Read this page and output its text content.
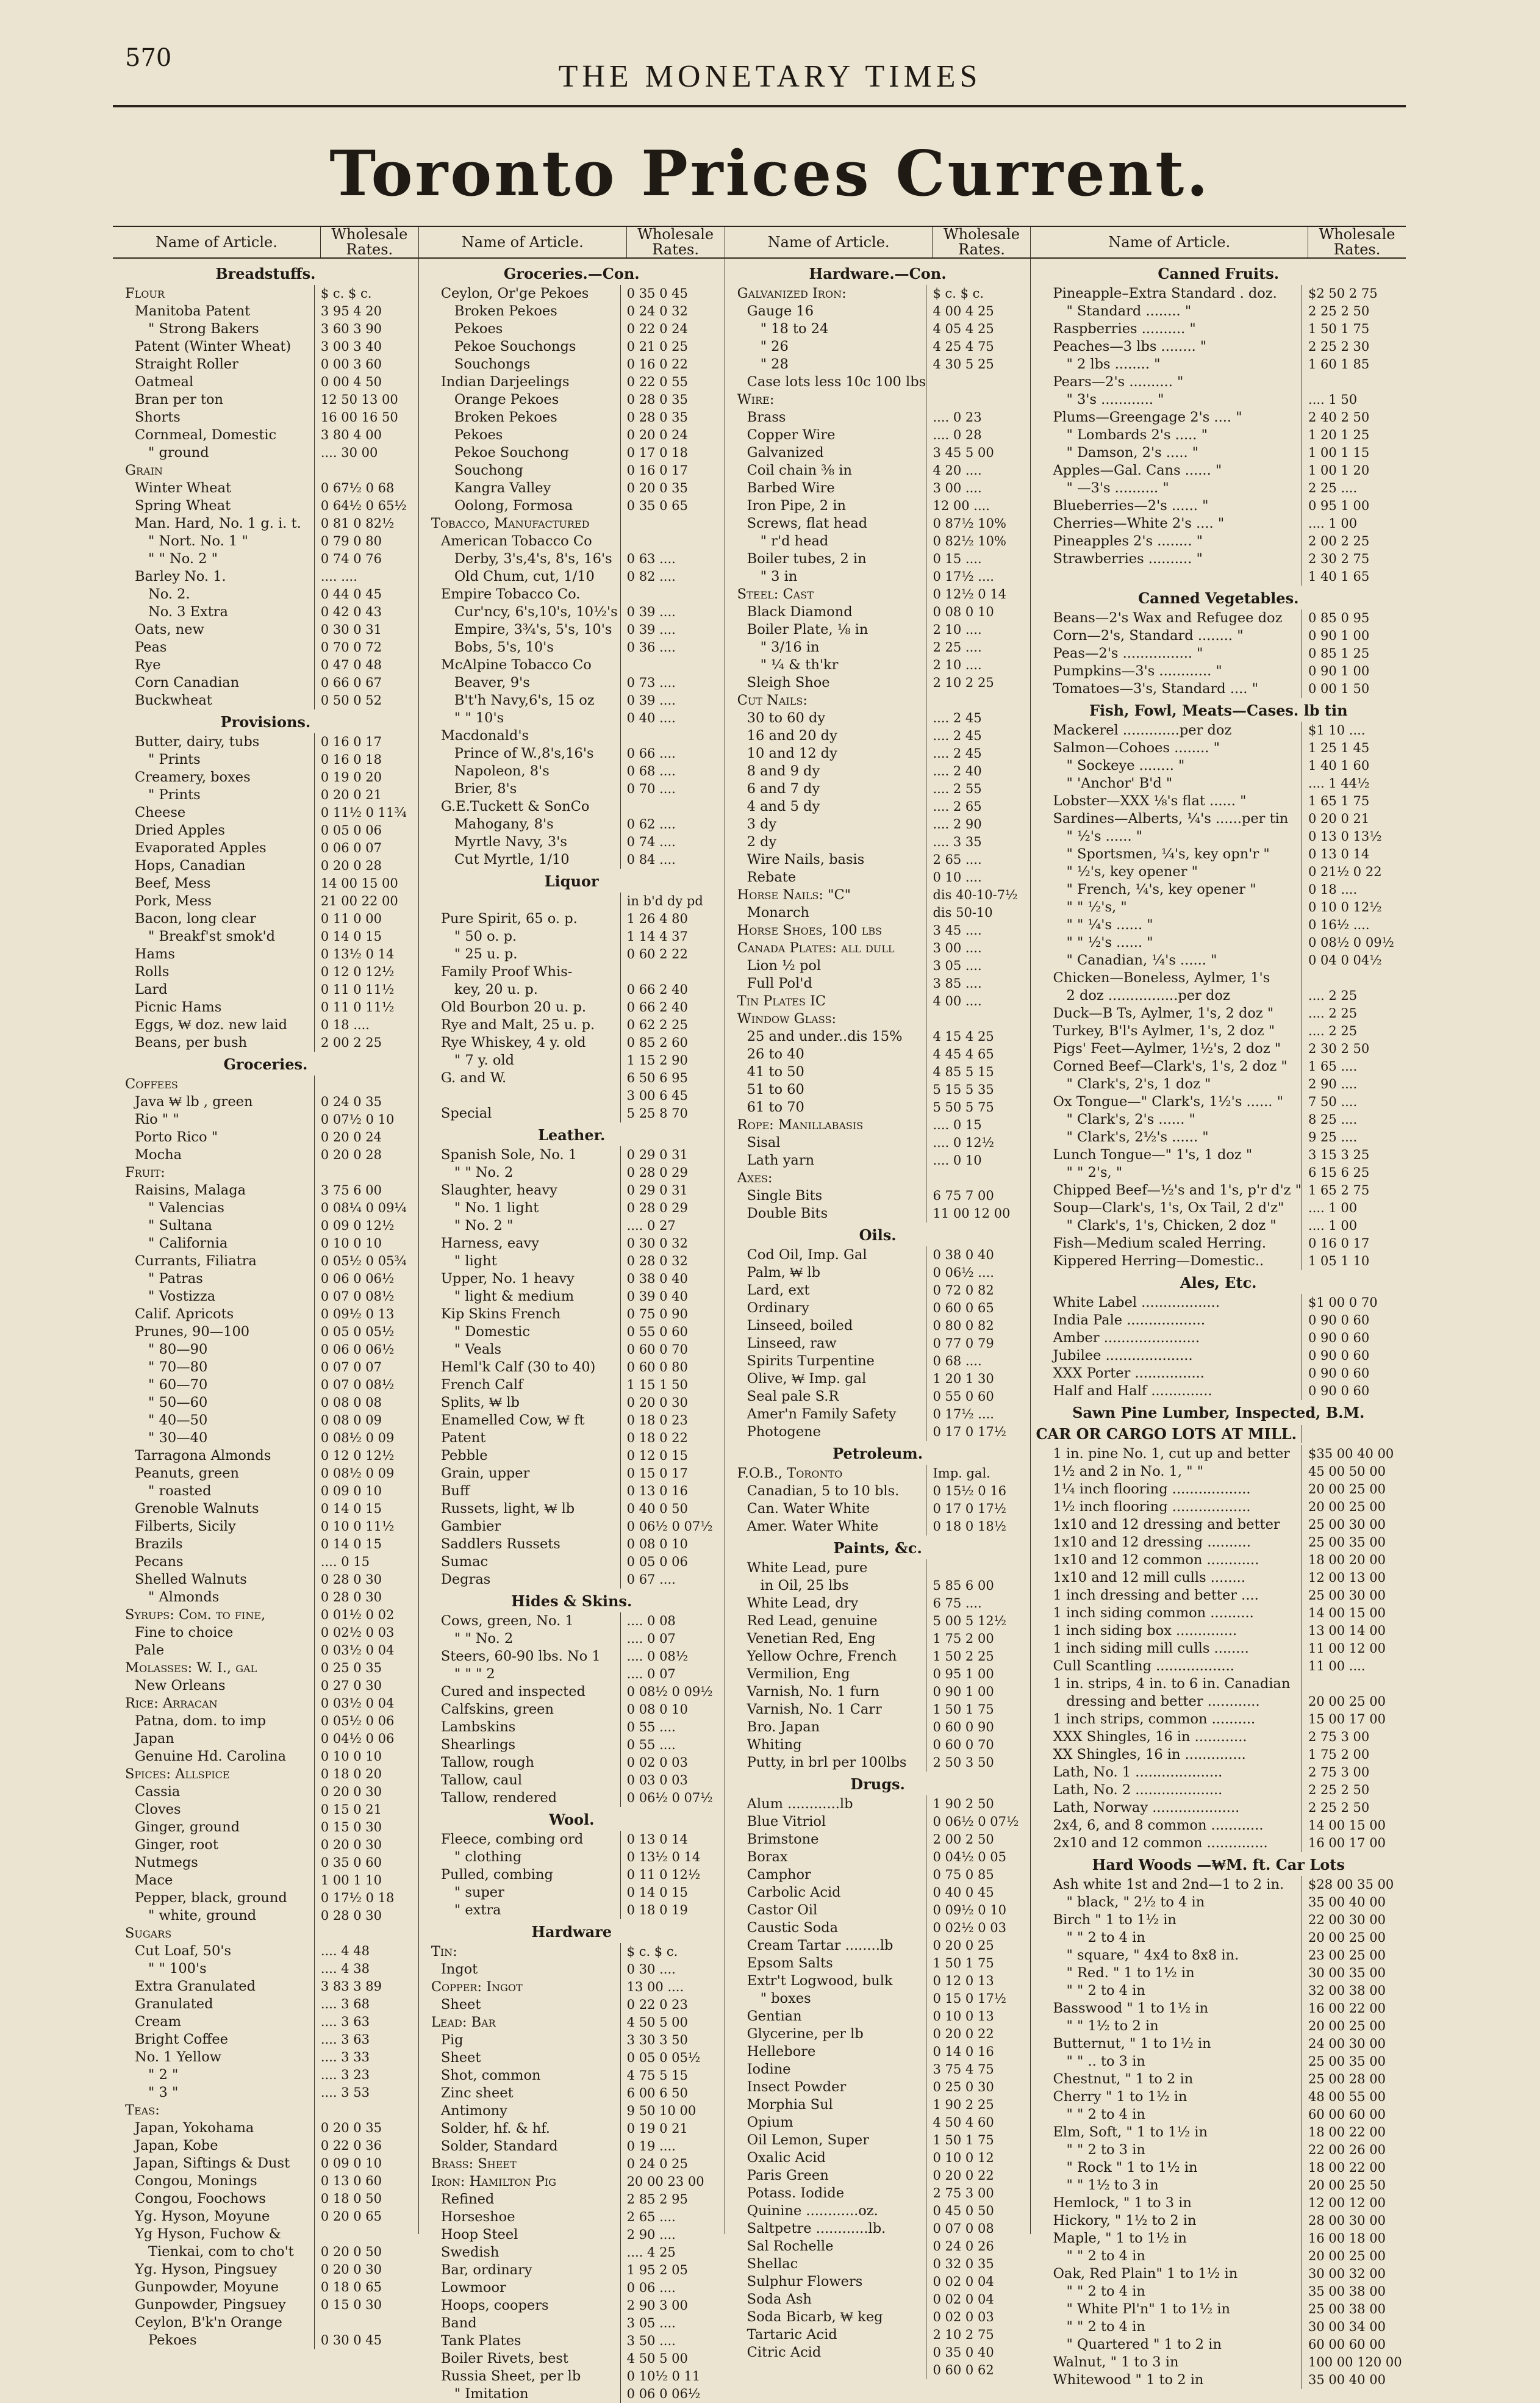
570
THE MONETARY TIMES
Toronto Prices Current.
Name of Article.	Wholesale Rates.
Breadstuffs.
Flour	$ c. $ c.
Manitoba Patent	3 95 4 20
" Strong Bakers	3 60 3 90
Patent (Winter Wheat)	3 00 3 40
Straight Roller	0 00 3 60
Oatmeal	0 00 4 50
Bran per ton	12 50 13 00
Shorts	16 00 16 50
Cornmeal, Domestic	3 80 4 00
" ground	.... 30 00
Grain
Winter Wheat	0 67½ 0 68
Spring Wheat	0 64½ 0 65½
Man. Hard, No. 1 g. i. t.	0 81 0 82½
" Nort. No. 1 "	0 79 0 80
" " No. 2 "	0 74 0 76
Barley No. 1.	.... ....
No. 2.	0 44 0 45
No. 3 Extra	0 42 0 43
Oats, new	0 30 0 31
Peas	0 70 0 72
Rye	0 47 0 48
Corn Canadian	0 66 0 67
Buckwheat	0 50 0 52
Provisions.
Butter, dairy, tubs	0 16 0 17
" Prints	0 16 0 18
Creamery, boxes	0 19 0 20
" Prints	0 20 0 21
Cheese	0 11½ 0 11¾
Dried Apples	0 05 0 06
Evaporated Apples	0 06 0 07
Hops, Canadian	0 20 0 28
Beef, Mess	14 00 15 00
Pork, Mess	21 00 22 00
Bacon, long clear	0 11 0 00
" Breakf'st smok'd	0 14 0 15
Hams	0 13½ 0 14
Rolls	0 12 0 12½
Lard	0 11 0 11½
Picnic Hams	0 11 0 11½
Eggs, ₩ doz. new laid	0 18 ....
Beans, per bush	2 00 2 25
Groceries.
Coffees
Java ₩ lb , green	0 24 0 35
Rio " "	0 07½ 0 10
Porto Rico "	0 20 0 24
Mocha	0 20 0 28
Fruit:
Raisins, Malaga	3 75 6 00
" Valencias	0 08¼ 0 09¼
" Sultana	0 09 0 12½
" California	0 10 0 10
Currants, Filiatra	0 05½ 0 05¾
" Patras	0 06 0 06½
" Vostizza	0 07 0 08½
Calif. Apricots	0 09½ 0 13
Prunes, 90—100	0 05 0 05½
" 80—90	0 06 0 06½
" 70—80	0 07 0 07
" 60—70	0 07 0 08½
" 50—60	0 08 0 08
" 40—50	0 08 0 09
" 30—40	0 08½ 0 09
Tarragona Almonds	0 12 0 12½
Peanuts, green	0 08½ 0 09
" roasted	0 09 0 10
Grenoble Walnuts	0 14 0 15
Filberts, Sicily	0 10 0 11½
Brazils	0 14 0 15
Pecans	.... 0 15
Shelled Walnuts	0 28 0 30
" Almonds	0 28 0 30
Syrups: Com. to fine,	0 01½ 0 02
Fine to choice	0 02½ 0 03
Pale	0 03½ 0 04
Molasses: W. I., gal	0 25 0 35
New Orleans	0 27 0 30
Rice: Arracan	0 03½ 0 04
Patna, dom. to imp	0 05½ 0 06
Japan	0 04½ 0 06
Genuine Hd. Carolina	0 10 0 10
Spices: Allspice	0 18 0 20
Cassia	0 20 0 30
Cloves	0 15 0 21
Ginger, ground	0 15 0 30
Ginger, root	0 20 0 30
Nutmegs	0 35 0 60
Mace	1 00 1 10
Pepper, black, ground	0 17½ 0 18
" white, ground	0 28 0 30
Sugars
Cut Loaf, 50's	.... 4 48
" " 100's	.... 4 38
Extra Granulated	3 83 3 89
Granulated	.... 3 68
Cream	.... 3 63
Bright Coffee	.... 3 63
No. 1 Yellow	.... 3 33
" 2 "	.... 3 23
" 3 "	.... 3 53
Teas:
Japan, Yokohama	0 20 0 35
Japan, Kobe	0 22 0 36
Japan, Siftings & Dust	0 09 0 10
Congou, Monings	0 13 0 60
Congou, Foochows	0 18 0 50
Yg. Hyson, Moyune	0 20 0 65
Yg Hyson, Fuchow &
Tienkai, com to cho't	0 20 0 50
Yg. Hyson, Pingsuey	0 20 0 30
Gunpowder, Moyune	0 18 0 65
Gunpowder, Pingsuey	0 15 0 30
Ceylon, B'k'n Orange
Pekoes	0 30 0 45
Name of Article.	Wholesale Rates.
Groceries.—Con.
Ceylon, Or'ge Pekoes	0 35 0 45
Broken Pekoes	0 24 0 32
Pekoes	0 22 0 24
Pekoe Souchongs	0 21 0 25
Souchongs	0 16 0 22
Indian Darjeelings	0 22 0 55
Orange Pekoes	0 28 0 35
Broken Pekoes	0 28 0 35
Pekoes	0 20 0 24
Pekoe Souchong	0 17 0 18
Souchong	0 16 0 17
Kangra Valley	0 20 0 35
Oolong, Formosa	0 35 0 65
Tobacco, Manufactured
American Tobacco Co
Derby, 3's,4's, 8's, 16's	0 63 ....
Old Chum, cut, 1/10	0 82 ....
Empire Tobacco Co.
Cur'ncy, 6's,10's, 10½'s 0 39 ....
Empire, 3¾'s, 5's, 10's	0 39 ....
Bobs, 5's, 10's	0 36 ....
McAlpine Tobacco Co
Beaver, 9's	0 73 ....
B't'h Navy,6's, 15 oz	0 39 ....
" " 10's	0 40 ....
Macdonald's
Prince of W.,8's,16's	0 66 ....
Napoleon, 8's	0 68 ....
Brier, 8's	0 70 ....
G.E.Tuckett & SonCo
Mahogany, 8's	0 62 ....
Myrtle Navy, 3's	0 74 ....
Cut Myrtle, 1/10	0 84 ....
Liquor
in b'd dy pd
Pure Spirit, 65 o. p.	1 26 4 80
" 50 o. p.	1 14 4 37
" 25 u. p.	0 60 2 22
Family Proof Whis-
key, 20 u. p.	0 66 2 40
Old Bourbon 20 u. p.	0 66 2 40
Rye and Malt, 25 u. p.	0 62 2 25
Rye Whiskey, 4 y. old	0 85 2 60
" 7 y. old	1 15 2 90
G. and W.	6 50 6 95
3 00 6 45
Special	5 25 8 70
Leather.
Spanish Sole, No. 1	0 29 0 31
" " No. 2	0 28 0 29
Slaughter, heavy	0 29 0 31
" No. 1 light	0 28 0 29
" No. 2 "	.... 0 27
Harness, eavy	0 30 0 32
" light	0 28 0 32
Upper, No. 1 heavy	0 38 0 40
" light & medium	0 39 0 40
Kip Skins French	0 75 0 90
" Domestic	0 55 0 60
" Veals	0 60 0 70
Heml'k Calf (30 to 40)	0 60 0 80
French Calf	1 15 1 50
Splits, ₩ lb	0 20 0 30
Enamelled Cow, ₩ ft	0 18 0 23
Patent	0 18 0 22
Pebble	0 12 0 15
Grain, upper	0 15 0 17
Buff	0 13 0 16
Russets, light, ₩ lb	0 40 0 50
Gambier	0 06½ 0 07½
Saddlers Russets	0 08 0 10
Sumac	0 05 0 06
Degras	0 67 ....
Hides & Skins.
Cows, green, No. 1	.... 0 08
" " No. 2	.... 0 07
Steers, 60-90 lbs. No 1	.... 0 08½
" " " 2	.... 0 07
Cured and inspected	0 08½ 0 09½
Calfskins, green	0 08 0 10
Lambskins	0 55 ....
Shearlings	0 55 ....
Tallow, rough	0 02 0 03
Tallow, caul	0 03 0 03
Tallow, rendered	0 06½ 0 07½
Wool.
Fleece, combing ord	0 13 0 14
" clothing	0 13½ 0 14
Pulled, combing	0 11 0 12½
" super	0 14 0 15
" extra	0 18 0 19
Hardware
Tin:	$ c. $ c.
Ingot	0 30 ....
Copper: Ingot	13 00 ....
Sheet	0 22 0 23
Lead: Bar	4 50 5 00
Pig	3 30 3 50
Sheet	0 05 0 05½
Shot, common	4 75 5 15
Zinc sheet	6 00 6 50
Antimony	9 50 10 00
Solder, hf. & hf.	0 19 0 21
Solder, Standard	0 19 ....
Brass: Sheet	0 24 0 25
Iron: Hamilton Pig	20 00 23 00
Refined	2 85 2 95
Horseshoe	2 65 ....
Hoop Steel	2 90 ....
Swedish	.... 4 25
Bar, ordinary	1 95 2 05
Lowmoor	0 06 ....
Hoops, coopers	2 90 3 00
Band	3 05 ....
Tank Plates	3 50 ....
Boiler Rivets, best	4 50 5 00
Russia Sheet, per lb	0 10½ 0 11
" Imitation	0 06 0 06½
Name of Article.	Wholesale Rates.
Hardware.—Con.
Galvanized Iron:	$ c. $ c.
Gauge 16	4 00 4 25
" 18 to 24	4 05 4 25
" 26	4 25 4 75
" 28	4 30 5 25
Case lots less 10c 100 lbs
Wire:
Brass	.... 0 23
Copper Wire	.... 0 28
Galvanized	3 45 5 00
Coil chain ⅜ in	4 20 ....
Barbed Wire	3 00 ....
Iron Pipe, 2 in	12 00 ....
Screws, flat head	0 87½ 10%
" r'd head	0 82½ 10%
Boiler tubes, 2 in	0 15 ....
" 3 in	0 17½ ....
Steel: Cast	0 12½ 0 14
Black Diamond	0 08 0 10
Boiler Plate, ⅛ in	2 10 ....
" 3/16 in	2 25 ....
" ¼ & th'kr	2 10 ....
Sleigh Shoe	2 10 2 25
Cut Nails:
30 to 60 dy	.... 2 45
16 and 20 dy	.... 2 45
10 and 12 dy	.... 2 45
8 and 9 dy	.... 2 40
6 and 7 dy	.... 2 55
4 and 5 dy	.... 2 65
3 dy	.... 2 90
2 dy	.... 3 35
Wire Nails, basis	2 65 ....
Rebate	0 10 ....
Horse Nails: "C"	dis 40-10-7½
Monarch	dis 50-10
Horse Shoes, 100 lbs	3 45 ....
Canada Plates: all dull	3 00 ....
Lion ½ pol	3 05 ....
Full Pol'd	3 85 ....
Tin Plates IC	4 00 ....
Window Glass:
25 and under..dis 15%	4 15 4 25
26 to 40	4 45 4 65
41 to 50	4 85 5 15
51 to 60	5 15 5 35
61 to 70	5 50 5 75
Rope: Manillabasis	.... 0 15
Sisal	.... 0 12½
Lath yarn	.... 0 10
Axes:
Single Bits	6 75 7 00
Double Bits	11 00 12 00
Oils.
Cod Oil, Imp. Gal	0 38 0 40
Palm, ₩ lb	0 06½ ....
Lard, ext	0 72 0 82
Ordinary	0 60 0 65
Linseed, boiled	0 80 0 82
Linseed, raw	0 77 0 79
Spirits Turpentine	0 68 ....
Olive, ₩ Imp. gal	1 20 1 30
Seal pale S.R	0 55 0 60
Amer'n Family Safety	0 17½ ....
Photogene	0 17 0 17½
Petroleum.
F.O.B., Toronto	Imp. gal.
Canadian, 5 to 10 bls.	0 15½ 0 16
Can. Water White	0 17 0 17½
Amer. Water White	0 18 0 18½
Paints, &c.
White Lead, pure
in Oil, 25 lbs	5 85 6 00
White Lead, dry	6 75 ....
Red Lead, genuine	5 00 5 12½
Venetian Red, Eng	1 75 2 00
Yellow Ochre, French	1 50 2 25
Vermilion, Eng	0 95 1 00
Varnish, No. 1 furn	0 90 1 00
Varnish, No. 1 Carr	1 50 1 75
Bro. Japan	0 60 0 90
Whiting	0 60 0 70
Putty, in brl per 100lbs	2 50 3 50
Drugs.
Alum ............lb	1 90 2 50
Blue Vitriol	0 06½ 0 07½
Brimstone	2 00 2 50
Borax	0 04½ 0 05
Camphor	0 75 0 85
Carbolic Acid	0 40 0 45
Castor Oil	0 09½ 0 10
Caustic Soda	0 02½ 0 03
Cream Tartar ........lb	0 20 0 25
Epsom Salts	1 50 1 75
Extr't Logwood, bulk	0 12 0 13
" boxes	0 15 0 17½
Gentian	0 10 0 13
Glycerine, per lb	0 20 0 22
Hellebore	0 14 0 16
Iodine	3 75 4 75
Insect Powder	0 25 0 30
Morphia Sul	1 90 2 25
Opium	4 50 4 60
Oil Lemon, Super	1 50 1 75
Oxalic Acid	0 10 0 12
Paris Green	0 20 0 22
Potass. Iodide	2 75 3 00
Quinine ............oz.	0 45 0 50
Saltpetre ............lb.	0 07 0 08
Sal Rochelle	0 24 0 26
Shellac	0 32 0 35
Sulphur Flowers	0 02 0 04
Soda Ash	0 02 0 04
Soda Bicarb, ₩ keg	0 02 0 03
Tartaric Acid	2 10 2 75
Citric Acid	0 35 0 40
0 60 0 62
Name of Article.	Wholesale Rates.
Canned Fruits.
Pineapple–Extra Standard . doz.	$2 50 2 75
" Standard ........ "	2 25 2 50
Raspberries .......... "	1 50 1 75
Peaches—3 lbs ........ "	2 25 2 30
" 2 lbs ........ "	1 60 1 85
Pears—2's .......... "
" 3's ............ "	.... 1 50
Plums—Greengage 2's .... "	2 40 2 50
" Lombards 2's ..... "	1 20 1 25
" Damson, 2's ..... "	1 00 1 15
Apples—Gal. Cans ...... "	1 00 1 20
" —3's .......... "	2 25 ....
Blueberries—2's ...... "	0 95 1 00
Cherries—White 2's .... "	.... 1 00
Pineapples 2's ........ "	2 00 2 25
Strawberries .......... "	2 30 2 75
1 40 1 65
Canned Vegetables.
Beans—2's Wax and Refugee doz	0 85 0 95
Corn—2's, Standard ........ "	0 90 1 00
Peas—2's ................ "	0 85 1 25
Pumpkins—3's ............ "	0 90 1 00
Tomatoes—3's, Standard .... "	0 00 1 50
Fish, Fowl, Meats—Cases. lb tin
Mackerel .............per doz	$1 10 ....
Salmon—Cohoes ........ "	1 25 1 45
" Sockeye ........ "	1 40 1 60
" 'Anchor' B'd "	.... 1 44½
Lobster—XXX ⅛'s flat ...... "	1 65 1 75
Sardines—Alberts, ¼'s ......per tin	0 20 0 21
" ½'s ...... "	0 13 0 13½
" Sportsmen, ¼'s, key opn'r "	0 13 0 14
" ½'s, key opener "	0 21½ 0 22
" French, ¼'s, key opener "	0 18 ....
" " ½'s, "	0 10 0 12½
" " ¼'s ...... "	0 16½ ....
" " ½'s ...... "	0 08½ 0 09½
" Canadian, ¼'s ...... "	0 04 0 04½
Chicken—Boneless, Aylmer, 1's
2 doz ................per doz	.... 2 25
Duck—B Ts, Aylmer, 1's, 2 doz "	.... 2 25
Turkey, B'l's Aylmer, 1's, 2 doz "	.... 2 25
Pigs' Feet—Aylmer, 1½'s, 2 doz "	2 30 2 50
Corned Beef—Clark's, 1's, 2 doz "	1 65 ....
" Clark's, 2's, 1 doz "	2 90 ....
Ox Tongue—" Clark's, 1½'s ...... "	7 50 ....
" Clark's, 2's ...... "	8 25 ....
" Clark's, 2½'s ...... "	9 25 ....
Lunch Tongue—" 1's, 1 doz "	3 15 3 25
" " 2's, "	6 15 6 25
Chipped Beef—½'s and 1's, p'r d'z " 1 65 2 75
Soup—Clark's, 1's, Ox Tail, 2 d'z"	.... 1 00
" Clark's, 1's, Chicken, 2 doz "	.... 1 00
Fish—Medium scaled Herring.	0 16 0 17
Kippered Herring—Domestic..	1 05 1 10
Ales, Etc.
White Label ..................	$1 00 0 70
India Pale ..................	0 90 0 60
Amber ......................	0 90 0 60
Jubilee ....................	0 90 0 60
XXX Porter ................	0 90 0 60
Half and Half ..............	0 90 0 60
Sawn Pine Lumber, Inspected, B.M.
CAR OR CARGO LOTS AT MILL.
1 in. pine No. 1, cut up and better	$35 00 40 00
1½ and 2 in No. 1, " "	45 00 50 00
1¼ inch flooring ..................	20 00 25 00
1½ inch flooring ..................	20 00 25 00
1x10 and 12 dressing and better	25 00 30 00
1x10 and 12 dressing ..........	25 00 35 00
1x10 and 12 common ............	18 00 20 00
1x10 and 12 mill culls ........	12 00 13 00
1 inch dressing and better ....	25 00 30 00
1 inch siding common ..........	14 00 15 00
1 inch siding box ..............	13 00 14 00
1 inch siding mill culls ........	11 00 12 00
Cull Scantling ..................	11 00 ....
1 in. strips, 4 in. to 6 in. Canadian
dressing and better ............	20 00 25 00
1 inch strips, common ..........	15 00 17 00
XXX Shingles, 16 in ............	2 75 3 00
XX Shingles, 16 in ..............	1 75 2 00
Lath, No. 1 ....................	2 75 3 00
Lath, No. 2 ....................	2 25 2 50
Lath, Norway ....................	2 25 2 50
2x4, 6, and 8 common ............	14 00 15 00
2x10 and 12 common ..............	16 00 17 00
Hard Woods —₩M. ft. Car Lots
Ash white 1st and 2nd—1 to 2 in.	$28 00 35 00
" black, " 2½ to 4 in	35 00 40 00
Birch " 1 to 1½ in	22 00 30 00
" " 2 to 4 in	20 00 25 00
" square, " 4x4 to 8x8 in.	23 00 25 00
" Red. " 1 to 1½ in	30 00 35 00
" " 2 to 4 in	32 00 38 00
Basswood " 1 to 1½ in	16 00 22 00
" " 1½ to 2 in	20 00 25 00
Butternut, " 1 to 1½ in	24 00 30 00
" " .. to 3 in	25 00 35 00
Chestnut, " 1 to 2 in	25 00 28 00
Cherry " 1 to 1½ in	48 00 55 00
" " 2 to 4 in	60 00 60 00
Elm, Soft, " 1 to 1½ in	18 00 22 00
" " 2 to 3 in	22 00 26 00
" Rock " 1 to 1½ in	18 00 22 00
" " 1½ to 3 in	20 00 25 50
Hemlock, " 1 to 3 in	12 00 12 00
Hickory, " 1½ to 2 in	28 00 30 00
Maple, " 1 to 1½ in	16 00 18 00
" " 2 to 4 in	20 00 25 00
Oak, Red Plain" 1 to 1½ in	30 00 32 00
" " 2 to 4 in	35 00 38 00
" White Pl'n" 1 to 1½ in	25 00 38 00
" " 2 to 4 in	30 00 34 00
" Quartered " 1 to 2 in	60 00 60 00
Walnut, " 1 to 3 in	100 00 120 00
Whitewood " 1 to 2 in	35 00 40 00
